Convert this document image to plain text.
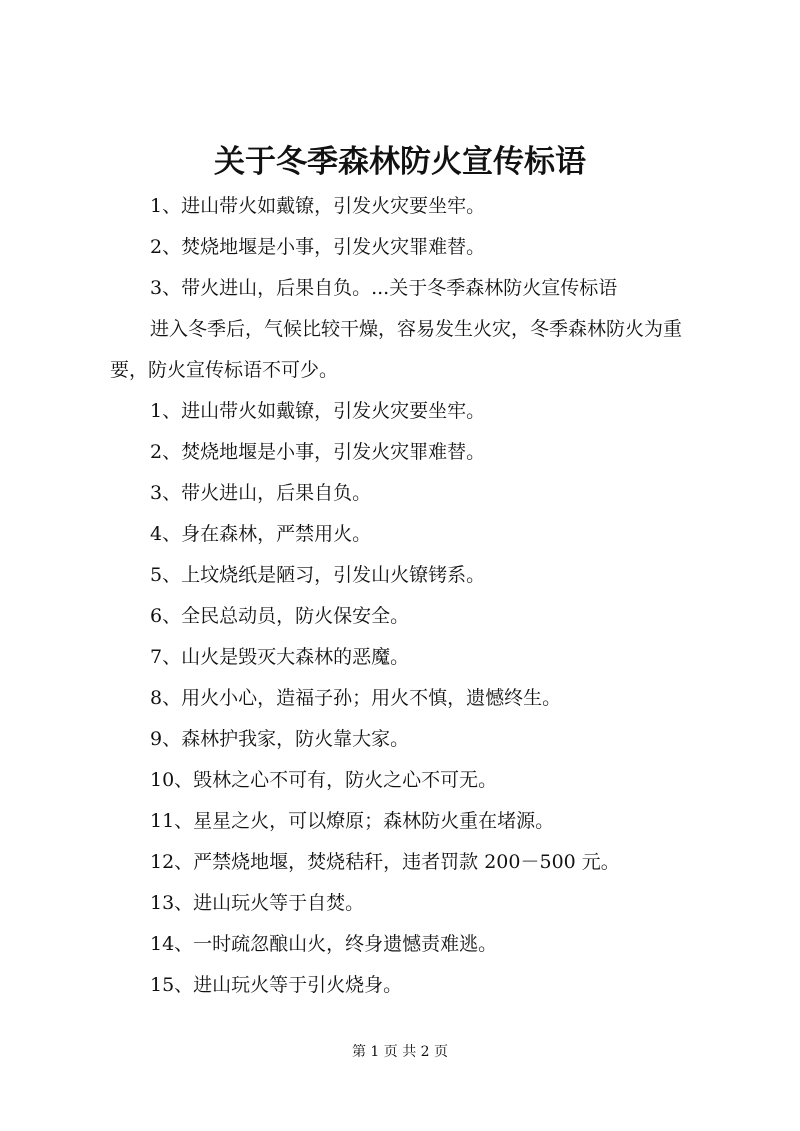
关于冬季森林防火宣传标语
1、进山带火如戴镣，引发火灾要坐牢。
2、焚烧地堰是小事，引发火灾罪难替。
3、带火进山，后果自负。...关于冬季森林防火宣传标语
进入冬季后，气候比较干燥，容易发生火灾，冬季森林防火为重要，防火宣传标语不可少。
1、进山带火如戴镣，引发火灾要坐牢。
2、焚烧地堰是小事，引发火灾罪难替。
3、带火进山，后果自负。
4、身在森林，严禁用火。
5、上坟烧纸是陋习，引发山火镣铐系。
6、全民总动员，防火保安全。
7、山火是毁灭大森林的恶魔。
8、用火小心，造福子孙；用火不慎，遗憾终生。
9、森林护我家，防火靠大家。
10、毁林之心不可有，防火之心不可无。
11、星星之火，可以燎原；森林防火重在堵源。
12、严禁烧地堰，焚烧秸秆，违者罚款 200－500 元。
13、进山玩火等于自焚。
14、一时疏忽酿山火，终身遗憾责难逃。
15、进山玩火等于引火烧身。
第 1 页 共 2 页
